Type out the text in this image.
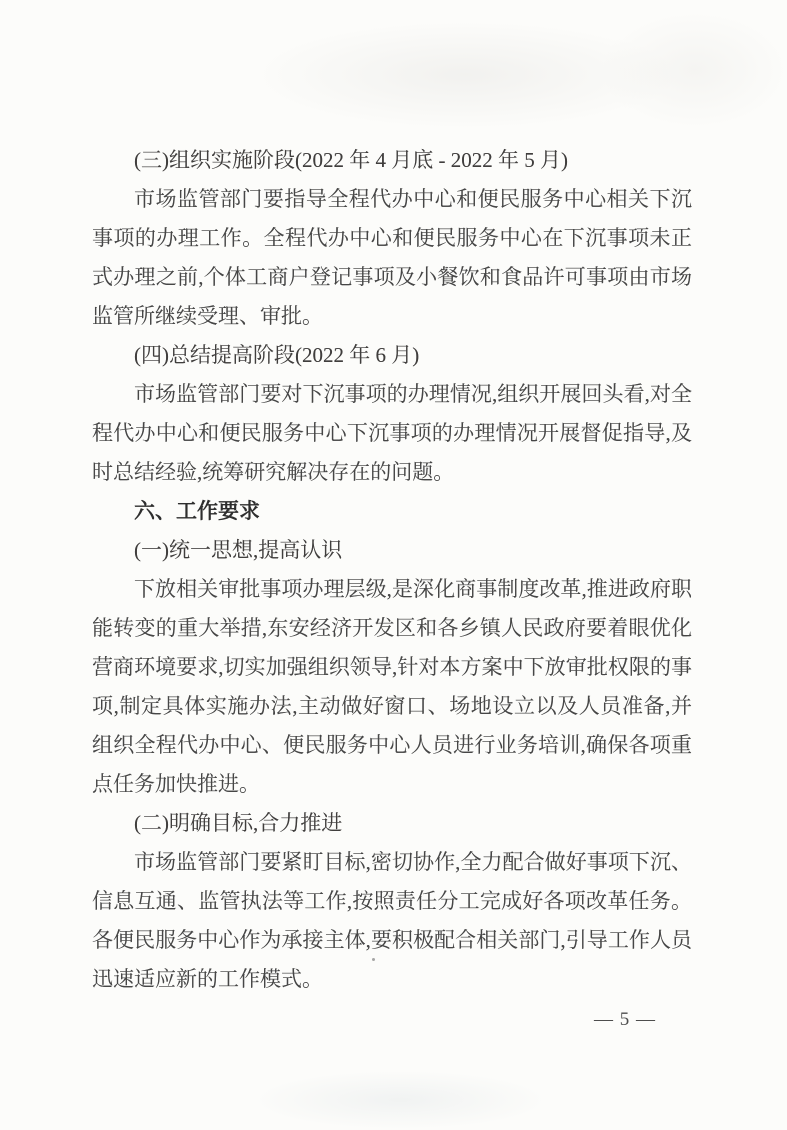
(三)组织实施阶段(2022 年 4 月底 - 2022 年 5 月)

市场监管部门要指导全程代办中心和便民服务中心相关下沉事项的办理工作。全程代办中心和便民服务中心在下沉事项未正式办理之前,个体工商户登记事项及小餐饮和食品许可事项由市场监管所继续受理、审批。

(四)总结提高阶段(2022 年 6 月)

市场监管部门要对下沉事项的办理情况,组织开展回头看,对全程代办中心和便民服务中心下沉事项的办理情况开展督促指导,及时总结经验,统筹研究解决存在的问题。

六、工作要求

(一)统一思想,提高认识

下放相关审批事项办理层级,是深化商事制度改革,推进政府职能转变的重大举措,东安经济开发区和各乡镇人民政府要着眼优化营商环境要求,切实加强组织领导,针对本方案中下放审批权限的事项,制定具体实施办法,主动做好窗口、场地设立以及人员准备,并组织全程代办中心、便民服务中心人员进行业务培训,确保各项重点任务加快推进。

(二)明确目标,合力推进

市场监管部门要紧盯目标,密切协作,全力配合做好事项下沉、信息互通、监管执法等工作,按照责任分工完成好各项改革任务。各便民服务中心作为承接主体,要积极配合相关部门,引导工作人员迅速适应新的工作模式。

— 5 —
